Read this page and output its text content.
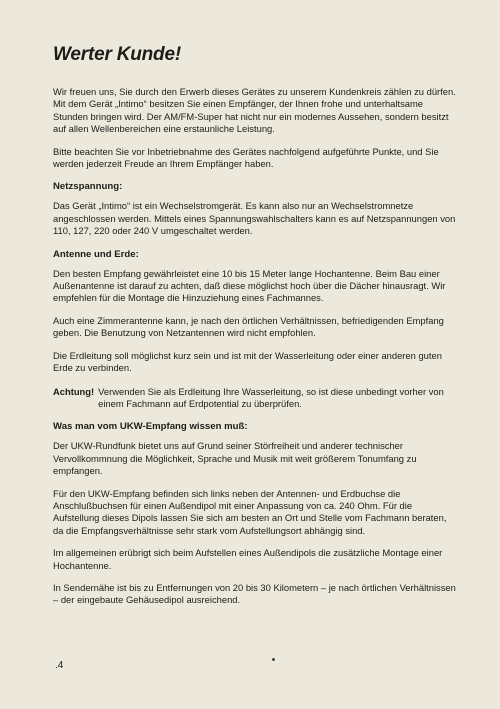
Werter Kunde!

Wir freuen uns, Sie durch den Erwerb dieses Gerätes zu unserem Kundenkreis zählen zu dürfen. Mit dem Gerät „Intimo“ besitzen Sie einen Empfänger, der Ihnen frohe und unterhaltsame Stunden bringen wird. Der AM/FM-Super hat nicht nur ein modernes Aussehen, sondern besitzt auf allen Wellenbereichen eine erstaunliche Leistung.

Bitte beachten Sie vor Inbetriebnahme des Gerätes nachfolgend aufgeführte Punkte, und Sie werden jederzeit Freude an Ihrem Empfänger haben.

Netzspannung:

Das Gerät „Intimo“ ist ein Wechselstromgerät. Es kann also nur an Wechselstromnetze angeschlossen werden. Mittels eines Spannungswahlschalters kann es auf Netzspannungen von 110, 127, 220 oder 240 V umgeschaltet werden.

Antenne und Erde:

Den besten Empfang gewährleistet eine 10 bis 15 Meter lange Hochantenne. Beim Bau einer Außenantenne ist darauf zu achten, daß diese möglichst hoch über die Dächer hinausragt. Wir empfehlen für die Montage die Hinzuziehung eines Fachmannes.

Auch eine Zimmerantenne kann, je nach den örtlichen Verhältnissen, befriedigenden Empfang geben. Die Benutzung von Netzantennen wird nicht empfohlen.

Die Erdleitung soll möglichst kurz sein und ist mit der Wasserleitung oder einer anderen guten Erde zu verbinden.

Achtung! Verwenden Sie als Erdleitung Ihre Wasserleitung, so ist diese unbedingt vorher von einem Fachmann auf Erdpotential zu überprüfen.
Was man vom UKW-Empfang wissen muß:

Der UKW-Rundfunk bietet uns auf Grund seiner Störfreiheit und anderer technischer Vervollkommnung die Möglichkeit, Sprache und Musik mit weit größerem Tonumfang zu empfangen.

Für den UKW-Empfang befinden sich links neben der Antennen- und Erdbuchse die Anschlußbuchsen für einen Außendipol mit einer Anpassung von ca. 240 Ohm. Für die Aufstellung dieses Dipols lassen Sie sich am besten an Ort und Stelle vom Fachmann beraten, da die Empfangsverhältnisse sehr stark vom Aufstellungsort abhängig sind.

Im allgemeinen erübrigt sich beim Aufstellen eines Außendipols die zusätzliche Montage einer Hochantenne.

In Sendernähe ist bis zu Entfernungen von 20 bis 30 Kilometern – je nach örtlichen Verhältnissen – der eingebaute Gehäusedipol ausreichend.

.4
